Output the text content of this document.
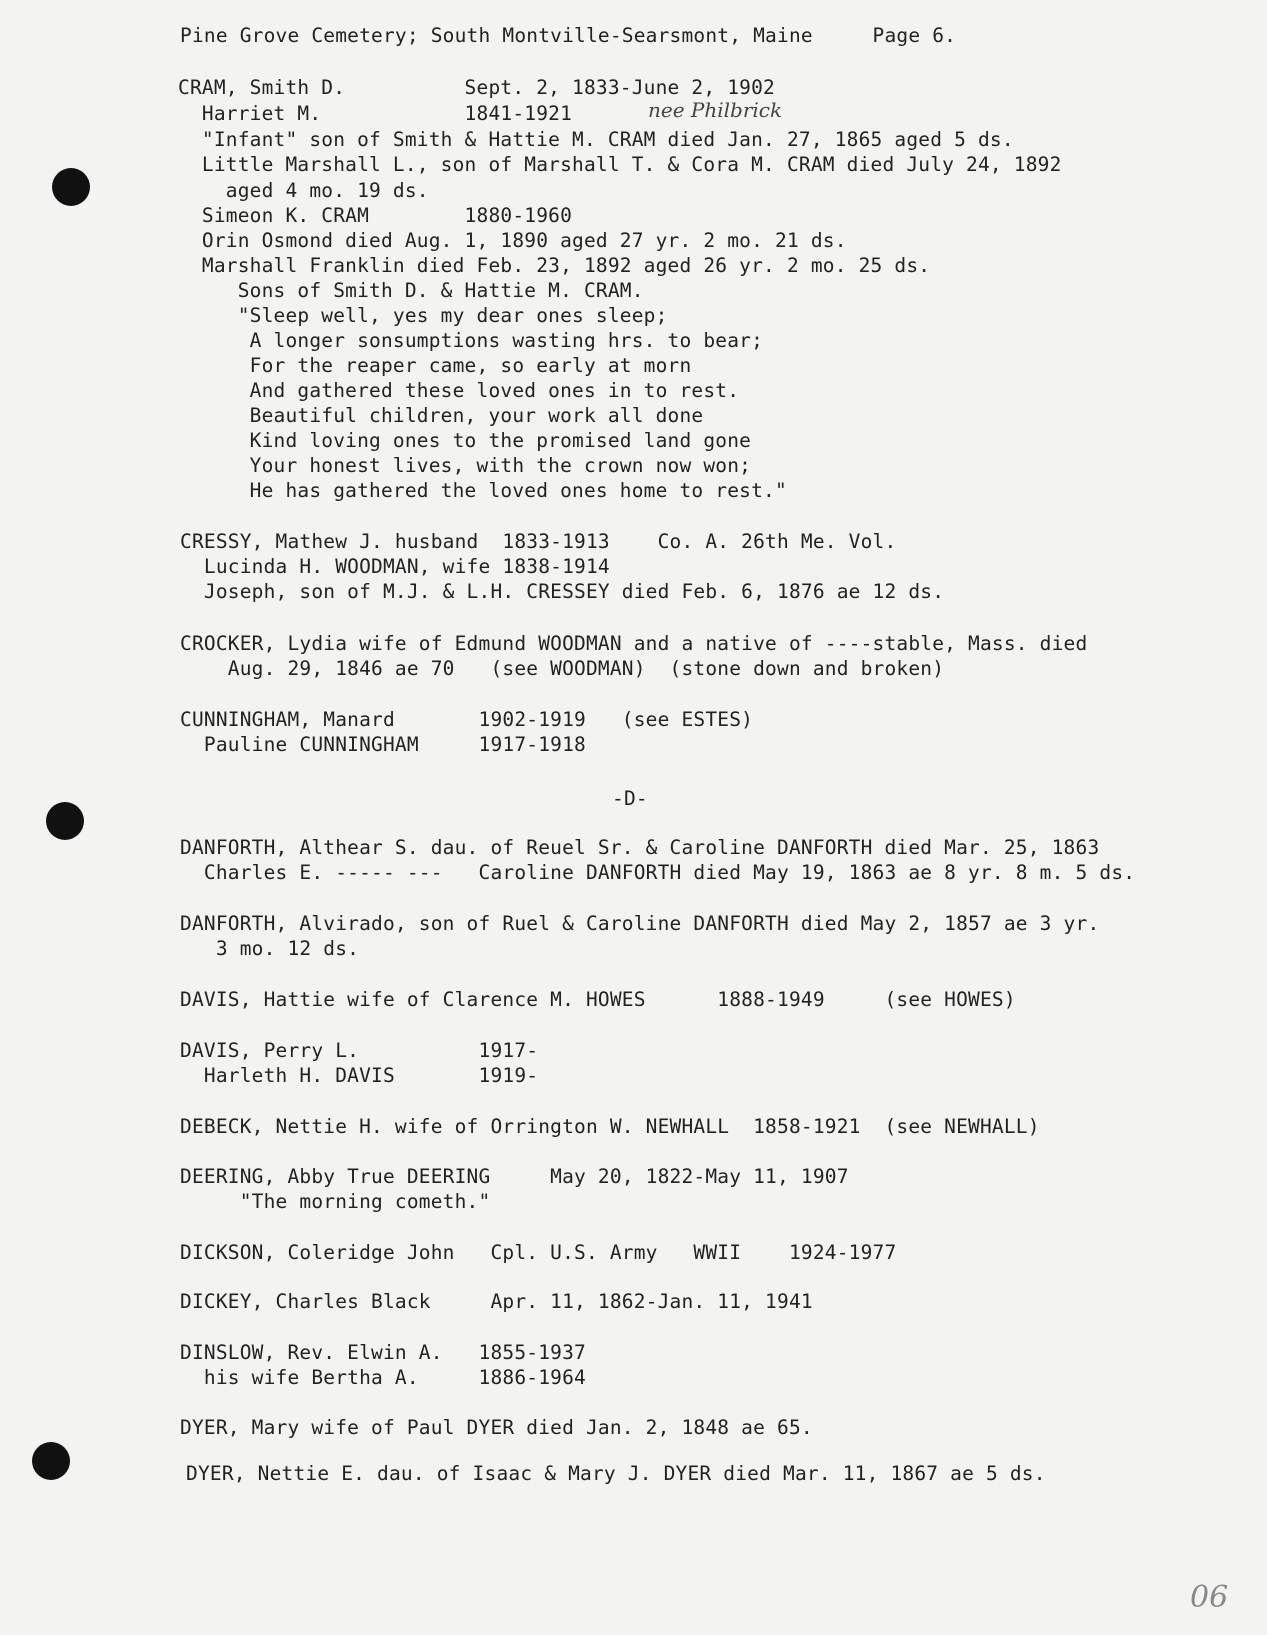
Pine Grove Cemetery; South Montville-Searsmont, Maine     Page 6.
CRAM, Smith D.          Sept. 2, 1833-June 2, 1902
Harriet M.            1841-1921	nee Philbrick
"Infant" son of Smith & Hattie M. CRAM died Jan. 27, 1865 aged 5 ds.
Little Marshall L., son of Marshall T. & Cora M. CRAM died July 24, 1892
aged 4 mo. 19 ds.
Simeon K. CRAM        1880-1960
Orin Osmond died Aug. 1, 1890 aged 27 yr. 2 mo. 21 ds.
Marshall Franklin died Feb. 23, 1892 aged 26 yr. 2 mo. 25 ds.
Sons of Smith D. & Hattie M. CRAM.
"Sleep well, yes my dear ones sleep;
A longer sonsumptions wasting hrs. to bear;
For the reaper came, so early at morn
And gathered these loved ones in to rest.
Beautiful children, your work all done
Kind loving ones to the promised land gone
Your honest lives, with the crown now won;
He has gathered the loved ones home to rest."
CRESSY, Mathew J. husband  1833-1913    Co. A. 26th Me. Vol.
Lucinda H. WOODMAN, wife 1838-1914
Joseph, son of M.J. & L.H. CRESSEY died Feb. 6, 1876 ae 12 ds.
CROCKER, Lydia wife of Edmund WOODMAN and a native of ----stable, Mass. died
Aug. 29, 1846 ae 70   (see WOODMAN)  (stone down and broken)
CUNNINGHAM, Manard       1902-1919   (see ESTES)
Pauline CUNNINGHAM     1917-1918
-D-
DANFORTH, Althear S. dau. of Reuel Sr. & Caroline DANFORTH died Mar. 25, 1863
Charles E. ----- ---   Caroline DANFORTH died May 19, 1863 ae 8 yr. 8 m. 5 ds.
DANFORTH, Alvirado, son of Ruel & Caroline DANFORTH died May 2, 1857 ae 3 yr.
3 mo. 12 ds.
DAVIS, Hattie wife of Clarence M. HOWES      1888-1949     (see HOWES)
DAVIS, Perry L.          1917-
Harleth H. DAVIS       1919-
DEBECK, Nettie H. wife of Orrington W. NEWHALL  1858-1921  (see NEWHALL)
DEERING, Abby True DEERING     May 20, 1822-May 11, 1907
"The morning cometh."
DICKSON, Coleridge John   Cpl. U.S. Army   WWII    1924-1977
DICKEY, Charles Black     Apr. 11, 1862-Jan. 11, 1941
DINSLOW, Rev. Elwin A.   1855-1937
his wife Bertha A.     1886-1964
DYER, Mary wife of Paul DYER died Jan. 2, 1848 ae 65.
DYER, Nettie E. dau. of Isaac & Mary J. DYER died Mar. 11, 1867 ae 5 ds.
06
